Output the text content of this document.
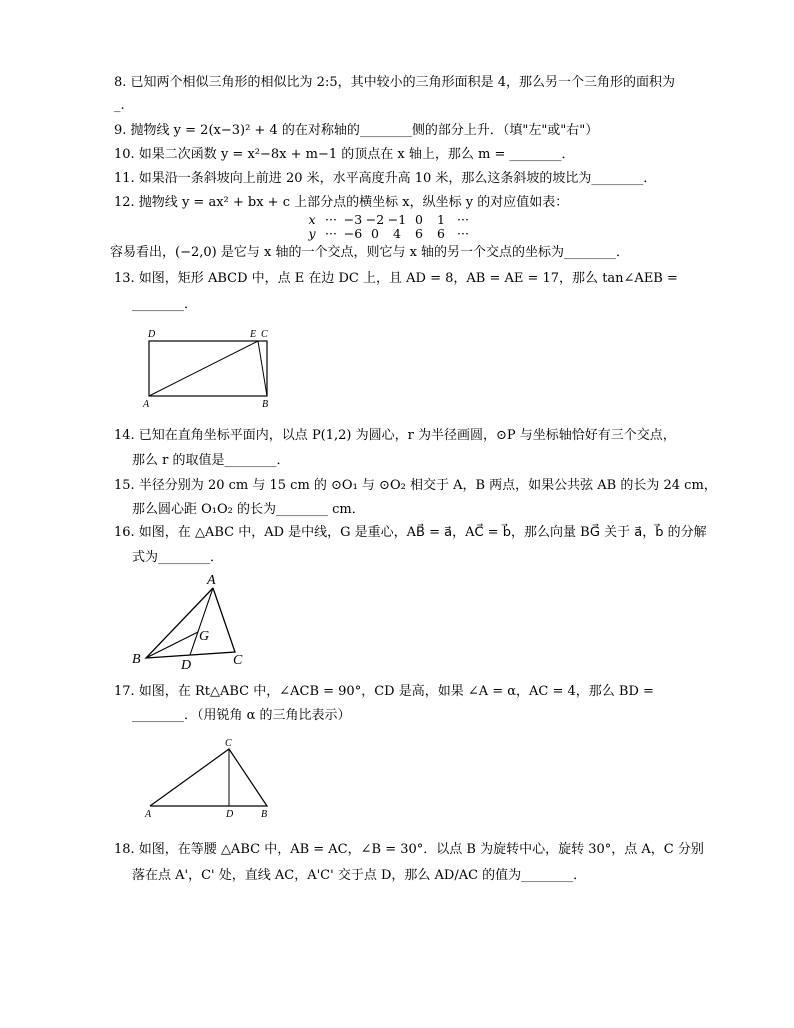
8. 已知两个相似三角形的相似比为 2:5，其中较小的三角形面积是 4，那么另一个三角形的面积为
_.
9. 抛物线 y = 2(x−3)² + 4 的在对称轴的________侧的部分上升．（填"左"或"右"）
10. 如果二次函数 y = x²−8x + m−1 的顶点在 x 轴上，那么 m = ________．
11. 如果沿一条斜坡向上前进 20 米，水平高度升高 10 米，那么这条斜坡的坡比为________．
12. 抛物线 y = ax² + bx + c 上部分点的横坐标 x，纵坐标 y 的对应值如表：
x ··· −3 −2 −1 0 1 ···
y ··· −6 0 4 6 6 ···
容易看出，(−2,0) 是它与 x 轴的一个交点，则它与 x 轴的另一个交点的坐标为________．
13. 如图，矩形 ABCD 中，点 E 在边 DC 上，且 AD = 8，AB = AE = 17，那么 tan∠AEB =
________．
D	E C
A	B
14. 已知在直角坐标平面内，以点 P(1,2) 为圆心，r 为半径画圆，⊙P 与坐标轴恰好有三个交点，
那么 r 的取值是________．
15. 半径分别为 20 cm 与 15 cm 的 ⊙O₁ 与 ⊙O₂ 相交于 A，B 两点，如果公共弦 AB 的长为 24 cm，
那么圆心距 O₁O₂ 的长为________ cm．
16. 如图，在 △ABC 中，AD 是中线，G 是重心，AB⃗ = a⃗，AC⃗ = b⃗，那么向量 BG⃗ 关于 a⃗，b⃗ 的分解
式为________．
A
G
B	D	C
17. 如图，在 Rt△ABC 中，∠ACB = 90°，CD 是高，如果 ∠A = α，AC = 4，那么 BD =
________．（用锐角 α 的三角比表示）
C
A	D	B
18. 如图，在等腰 △ABC 中，AB = AC，∠B = 30°．以点 B 为旋转中心，旋转 30°，点 A，C 分别
落在点 A'，C' 处，直线 AC，A'C' 交于点 D，那么 AD/AC 的值为________．
